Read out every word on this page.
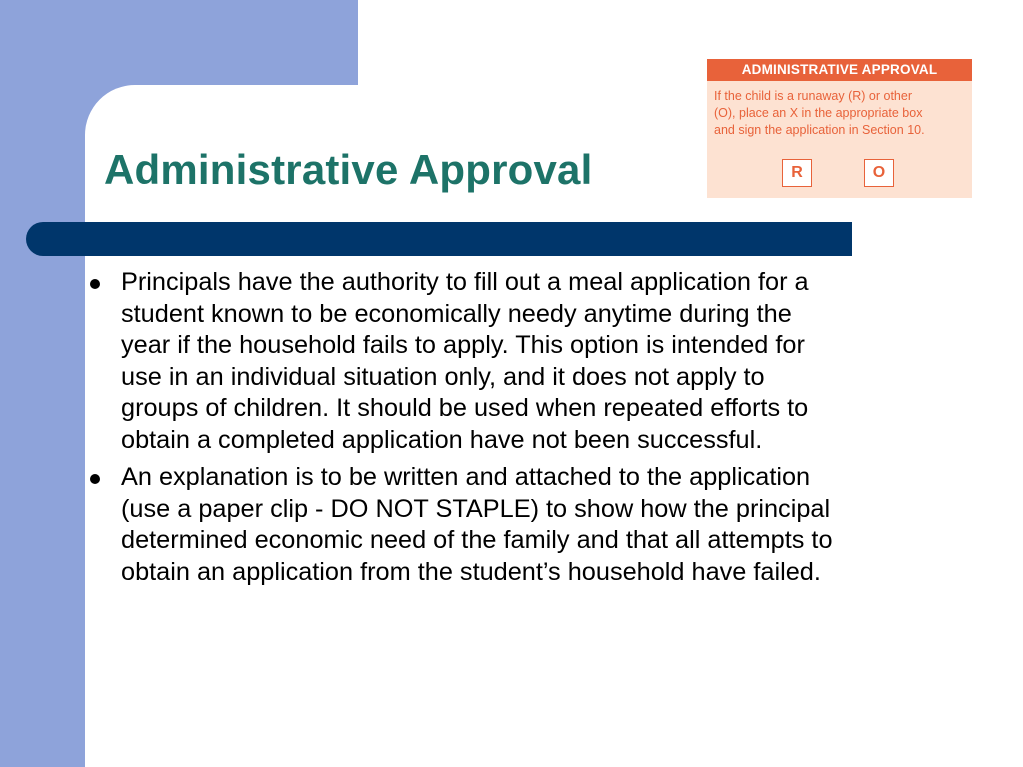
Administrative Approval
ADMINISTRATIVE APPROVAL
If the child is a runaway (R) or other
(O), place an X in the appropriate box
and sign the application in Section 10.
R	O
Principals have the authority to fill out a meal application for a
student known to be economically needy anytime during the
year if the household fails to apply. This option is intended for
use in an individual situation only, and it does not apply to
groups of children. It should be used when repeated efforts to
obtain a completed application have not been successful.
An explanation is to be written and attached to the application
(use a paper clip - DO NOT STAPLE) to show how the principal
determined economic need of the family and that all attempts to
obtain an application from the student’s household have failed.
